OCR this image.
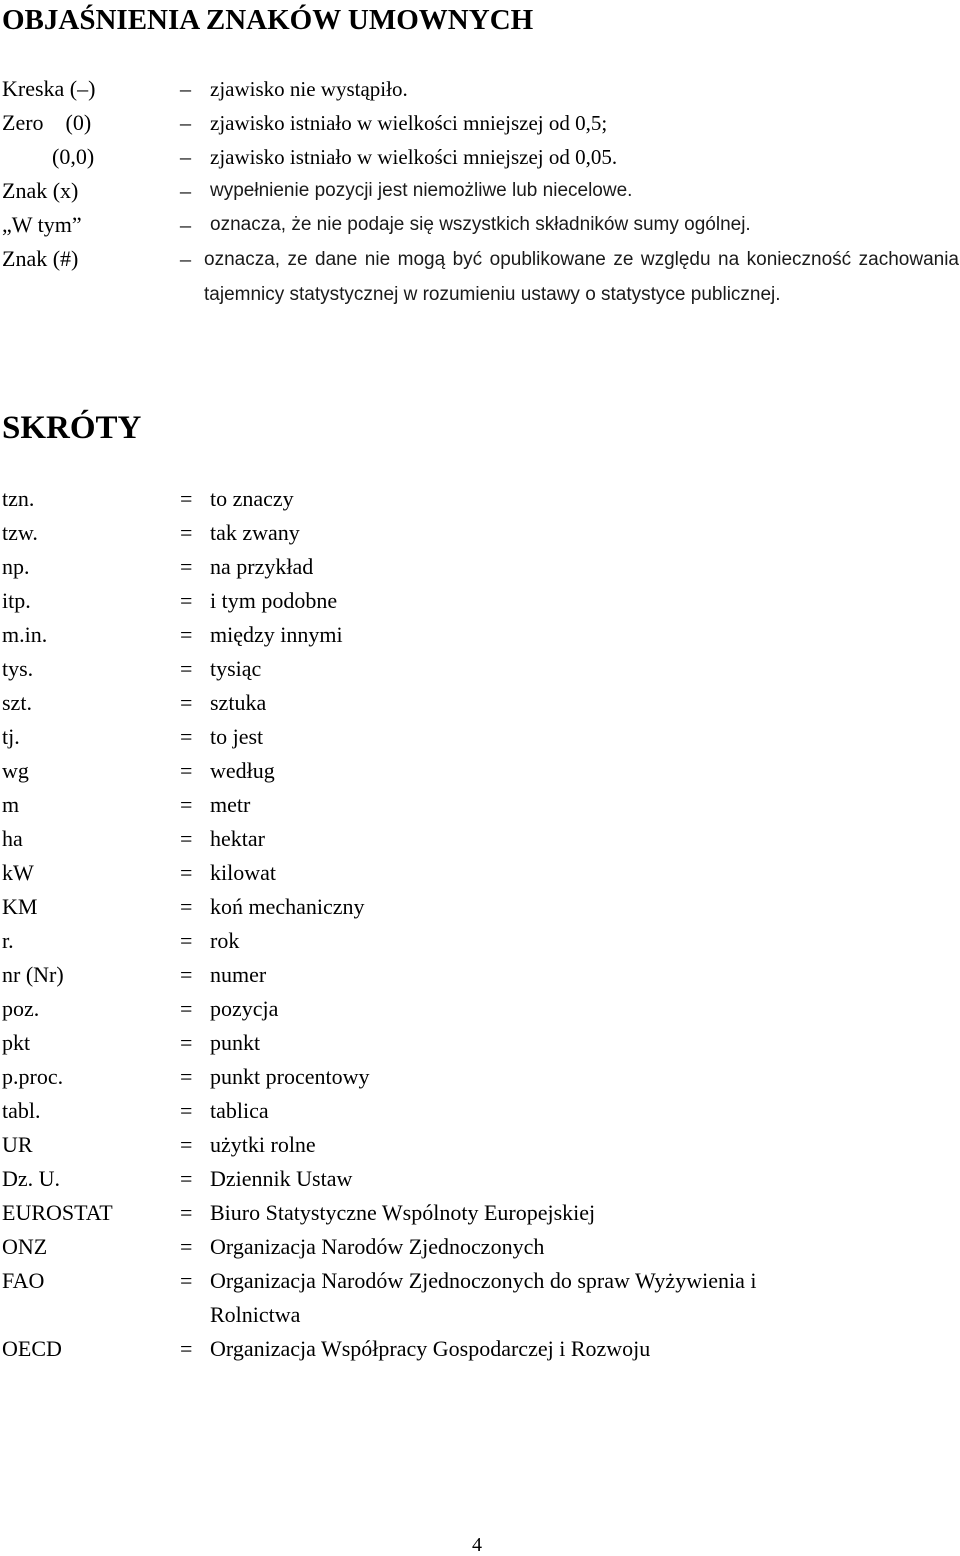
OBJAŚNIENIA ZNAKÓW UMOWNYCH
Kreska (–)	– zjawisko nie wystąpiło.
Zero    (0)	– zjawisko istniało w wielkości mniejszej od 0,5;
(0,0)	– zjawisko istniało w wielkości mniejszej od 0,05.
Znak (x)	– wypełnienie pozycji jest niemożliwe lub niecelowe.
„W tym”	– oznacza, że nie podaje się wszystkich składników sumy ogólnej.
Znak (#)	– oznacza, ze dane nie mogą być opublikowane ze względu na konieczność zachowania tajemnicy statystycznej w rozumieniu ustawy o statystyce publicznej.
SKRÓTY
tzn.	= to znaczy
tzw.	= tak zwany
np.	= na przykład
itp.	= i tym podobne
m.in.	= między innymi
tys.	= tysiąc
szt.	= sztuka
tj.	= to jest
wg	= według
m	= metr
ha	= hektar
kW	= kilowat
KM	= koń mechaniczny
r.	= rok
nr (Nr)	= numer
poz.	= pozycja
pkt	= punkt
p.proc.	= punkt procentowy
tabl.	= tablica
UR	= użytki rolne
Dz. U.	= Dziennik Ustaw
EUROSTAT	= Biuro Statystyczne Wspólnoty Europejskiej
ONZ	= Organizacja Narodów Zjednoczonych
FAO	= Organizacja Narodów Zjednoczonych do spraw Wyżywienia i Rolnictwa
OECD	= Organizacja Współpracy Gospodarczej i Rozwoju
4
